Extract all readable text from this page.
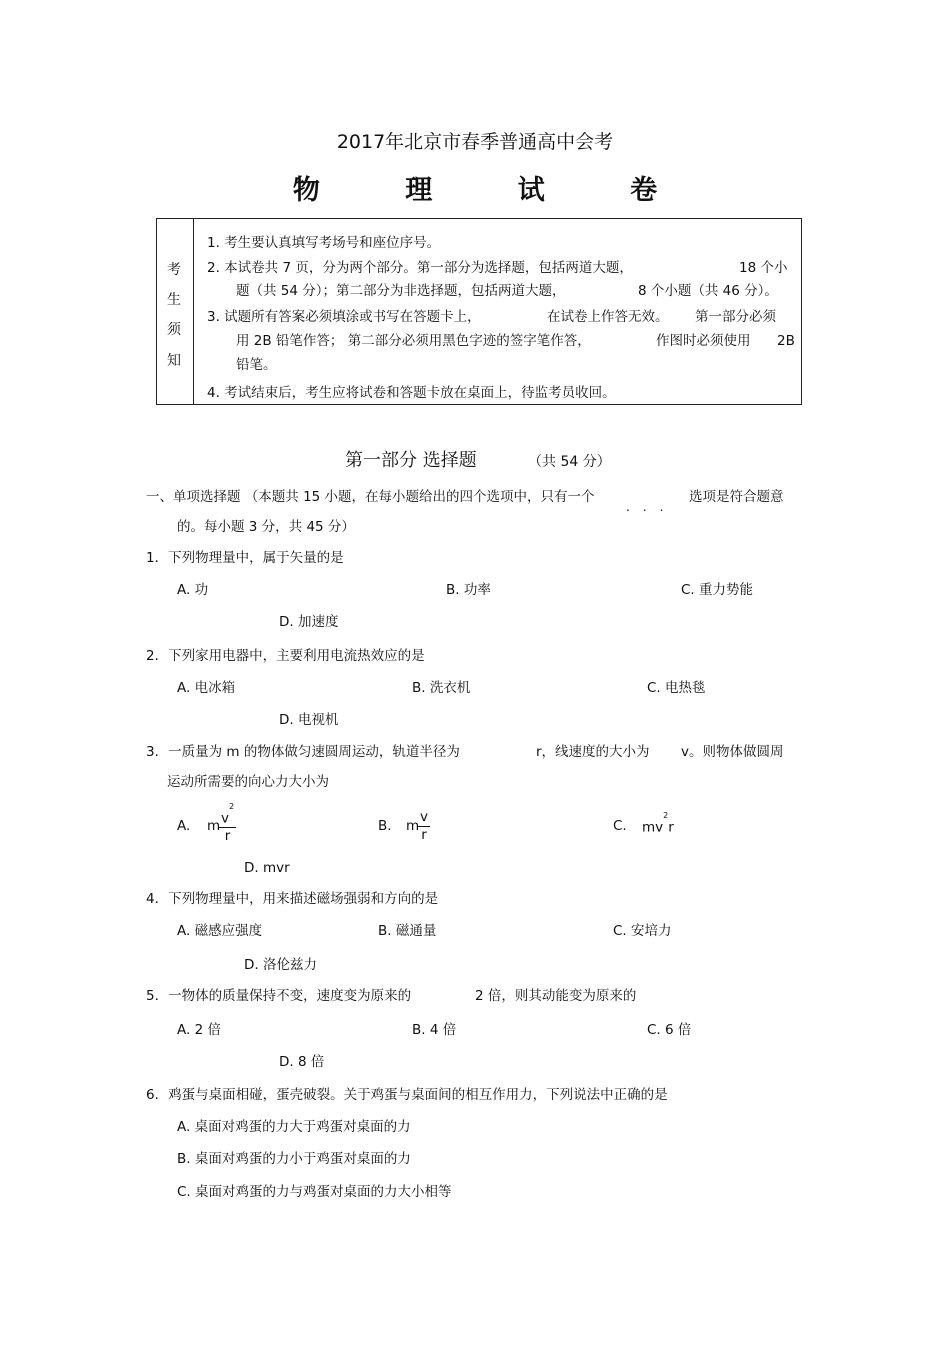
2017年北京市春季普通高中会考
物 理 试 卷
考
生
须
知
1. 考生要认真填写考场号和座位序号。
2. 本试卷共 7 页，分为两个部分。第一部分为选择题，包括两道大题，	18 个小
题（共 54 分）；第二部分为非选择题，包括两道大题，	8 个小题（共 46 分）。
3. 试题所有答案必须填涂或书写在答题卡上，	在试卷上作答无效。 第一部分必须
用 2B 铅笔作答； 第二部分必须用黑色字迹的签字笔作答，	作图时必须使用 2B
铅笔。
4. 考试结束后，考生应将试卷和答题卡放在桌面上，待监考员收回。
第一部分 选择题	（共 54 分）
一、单项选择题 （本题共 15 小题，在每小题给出的四个选项中，只有一个	选项是符合题意
...
的。每小题 3 分，共 45 分）
1．下列物理量中，属于矢量的是
A. 功	B. 功率	C. 重力势能
D. 加速度
2．下列家用电器中，主要利用电流热效应的是
A. 电冰箱	B. 洗衣机	C. 电热毯
D. 电视机
3．一质量为 m 的物体做匀速圆周运动，轨道半径为	r，线速度的大小为 v。则物体做圆周
运动所需要的向心力大小为
A. m
$\frac{v^2}{r}$	B. m
$\frac{v}{r}$	C. $mv^2r$
D. mvr
4．下列物理量中，用来描述磁场强弱和方向的是
A. 磁感应强度	B. 磁通量	C. 安培力
D. 洛伦兹力
5．一物体的质量保持不变，速度变为原来的	2 倍，则其动能变为原来的
A. 2 倍	B. 4 倍	C. 6 倍
D. 8 倍
6．鸡蛋与桌面相碰，蛋壳破裂。关于鸡蛋与桌面间的相互作用力，下列说法中正确的是
A. 桌面对鸡蛋的力大于鸡蛋对桌面的力
B. 桌面对鸡蛋的力小于鸡蛋对桌面的力
C. 桌面对鸡蛋的力与鸡蛋对桌面的力大小相等
